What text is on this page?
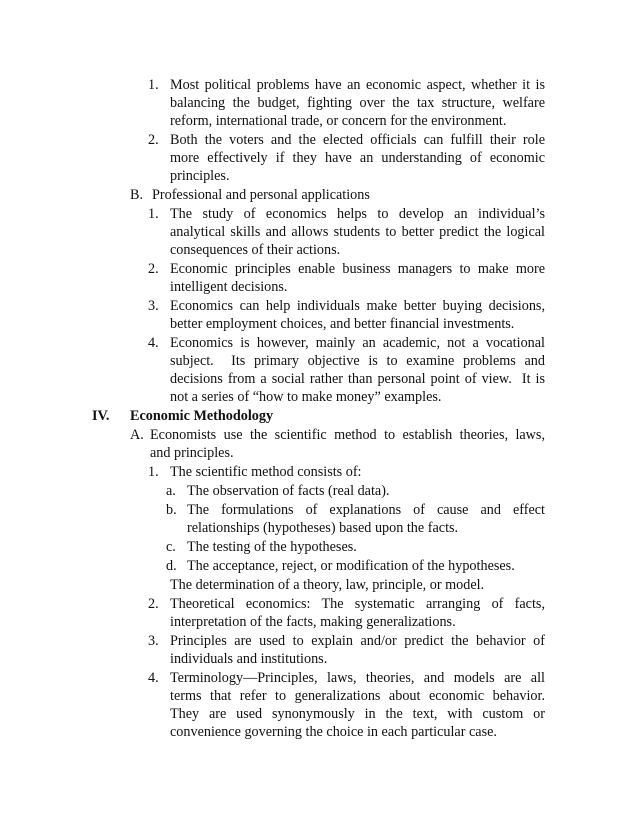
1. Most political problems have an economic aspect, whether it is
balancing the budget, fighting over the tax structure, welfare
reform, international trade, or concern for the environment.
2. Both the voters and the elected officials can fulfill their role
more effectively if they have an understanding of economic
principles.
B. Professional and personal applications
1. The study of economics helps to develop an individual’s
analytical skills and allows students to better predict the logical
consequences of their actions.
2. Economic principles enable business managers to make more
intelligent decisions.
3. Economics can help individuals make better buying decisions,
better employment choices, and better financial investments.
4. Economics is however, mainly an academic, not a vocational
subject.  Its primary objective is to examine problems and
decisions from a social rather than personal point of view.  It is
not a series of “how to make money” examples.
IV. Economic Methodology
A. Economists use the scientific method to establish theories, laws,
and principles.
1. The scientific method consists of:
a. The observation of facts (real data).
b. The formulations of explanations of cause and effect
relationships (hypotheses) based upon the facts.
c. The testing of the hypotheses.
d. The acceptance, reject, or modification of the hypotheses.
The determination of a theory, law, principle, or model.
2. Theoretical economics: The systematic arranging of facts,
interpretation of the facts, making generalizations.
3. Principles are used to explain and/or predict the behavior of
individuals and institutions.
4. Terminology—Principles, laws, theories, and models are all
terms that refer to generalizations about economic behavior.
They are used synonymously in the text, with custom or
convenience governing the choice in each particular case.
